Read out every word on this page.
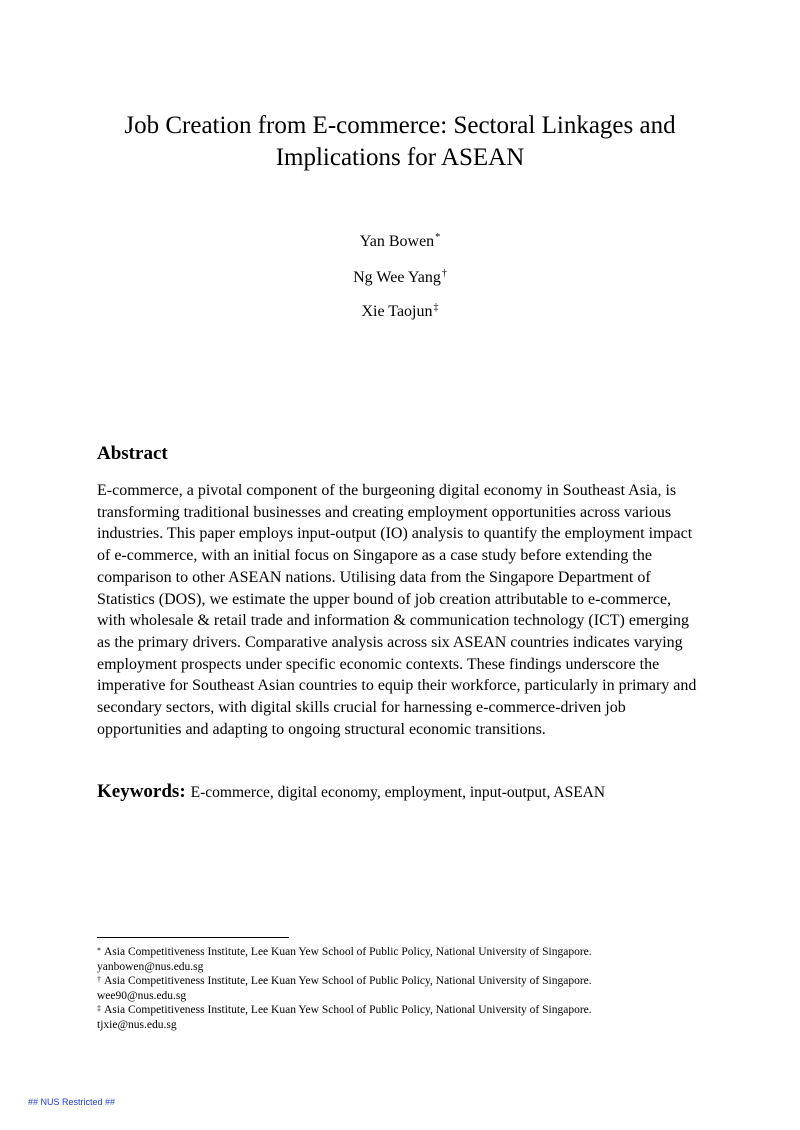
Job Creation from E-commerce: Sectoral Linkages and
Implications for ASEAN
Yan Bowen*
Ng Wee Yang†
Xie Taojun‡
Abstract
E-commerce, a pivotal component of the burgeoning digital economy in Southeast Asia, is
transforming traditional businesses and creating employment opportunities across various
industries. This paper employs input-output (IO) analysis to quantify the employment impact
of e-commerce, with an initial focus on Singapore as a case study before extending the
comparison to other ASEAN nations. Utilising data from the Singapore Department of
Statistics (DOS), we estimate the upper bound of job creation attributable to e-commerce,
with wholesale & retail trade and information & communication technology (ICT) emerging
as the primary drivers. Comparative analysis across six ASEAN countries indicates varying
employment prospects under specific economic contexts. These findings underscore the
imperative for Southeast Asian countries to equip their workforce, particularly in primary and
secondary sectors, with digital skills crucial for harnessing e-commerce-driven job
opportunities and adapting to ongoing structural economic transitions.
Keywords: E-commerce, digital economy, employment, input-output, ASEAN
* Asia Competitiveness Institute, Lee Kuan Yew School of Public Policy, National University of Singapore.
yanbowen@nus.edu.sg
† Asia Competitiveness Institute, Lee Kuan Yew School of Public Policy, National University of Singapore.
wee90@nus.edu.sg
‡ Asia Competitiveness Institute, Lee Kuan Yew School of Public Policy, National University of Singapore.
tjxie@nus.edu.sg
## NUS Restricted ##
